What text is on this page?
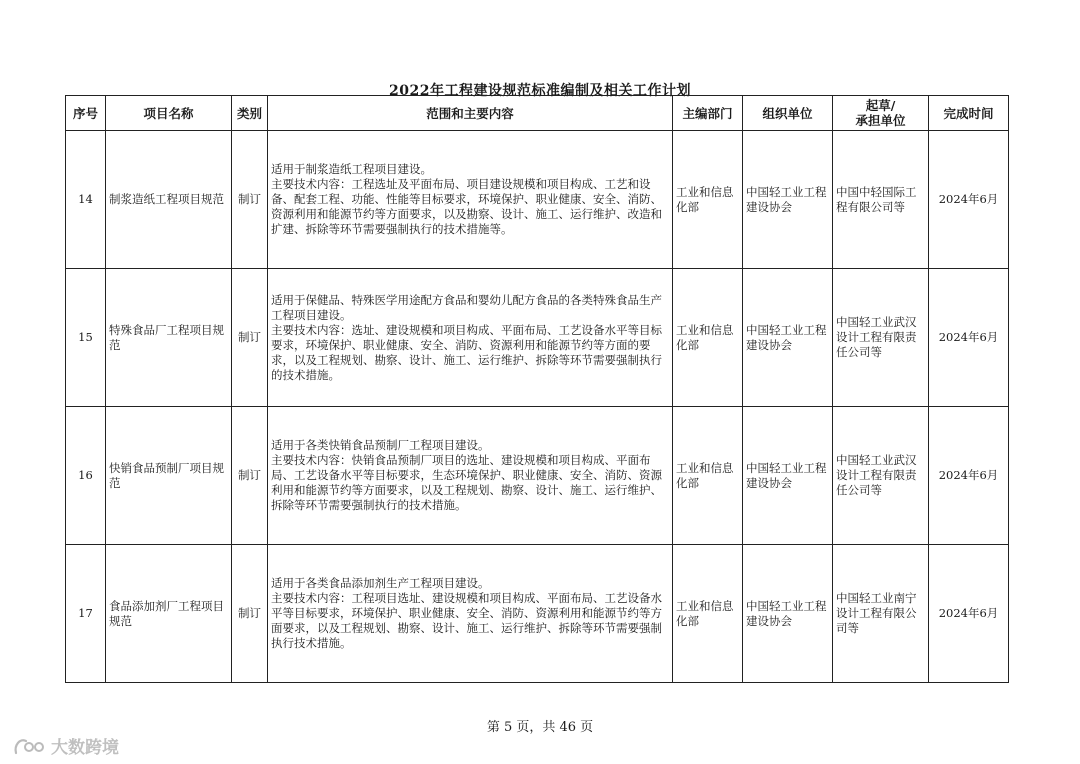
2022年工程建设规范标准编制及相关工作计划
序号	项目名称	类别	范围和主要内容	主编部门	组织单位	起草/
承担单位	完成时间
14	制浆造纸工程项目规范	制订	适用于制浆造纸工程项目建设。
主要技术内容：工程选址及平面布局、项目建设规模和项目构成、工艺和设备、配套工程、功能、性能等目标要求，环境保护、职业健康、安全、消防、资源利用和能源节约等方面要求，以及勘察、设计、施工、运行维护、改造和扩建、拆除等环节需要强制执行的技术措施等。	工业和信息化部	中国轻工业工程建设协会	中国中轻国际工程有限公司等	2024年6月
15	特殊食品厂工程项目规范	制订	适用于保健品、特殊医学用途配方食品和婴幼儿配方食品的各类特殊食品生产工程项目建设。
主要技术内容：选址、建设规模和项目构成、平面布局、工艺设备水平等目标要求，环境保护、职业健康、安全、消防、资源利用和能源节约等方面的要求，以及工程规划、勘察、设计、施工、运行维护、拆除等环节需要强制执行的技术措施。	工业和信息化部	中国轻工业工程建设协会	中国轻工业武汉设计工程有限责任公司等	2024年6月
16	快销食品预制厂项目规范	制订	适用于各类快销食品预制厂工程项目建设。
主要技术内容：快销食品预制厂项目的选址、建设规模和项目构成、平面布局、工艺设备水平等目标要求，生态环境保护、职业健康、安全、消防、资源利用和能源节约等方面要求，以及工程规划、勘察、设计、施工、运行维护、拆除等环节需要强制执行的技术措施。	工业和信息化部	中国轻工业工程建设协会	中国轻工业武汉设计工程有限责任公司等	2024年6月
17	食品添加剂厂工程项目规范	制订	适用于各类食品添加剂生产工程项目建设。
主要技术内容：工程项目选址、建设规模和项目构成、平面布局、工艺设备水平等目标要求，环境保护、职业健康、安全、消防、资源利用和能源节约等方面要求，以及工程规划、勘察、设计、施工、运行维护、拆除等环节需要强制执行技术措施。	工业和信息化部	中国轻工业工程建设协会	中国轻工业南宁设计工程有限公司等	2024年6月
第 5 页，共 46 页
大数跨境
